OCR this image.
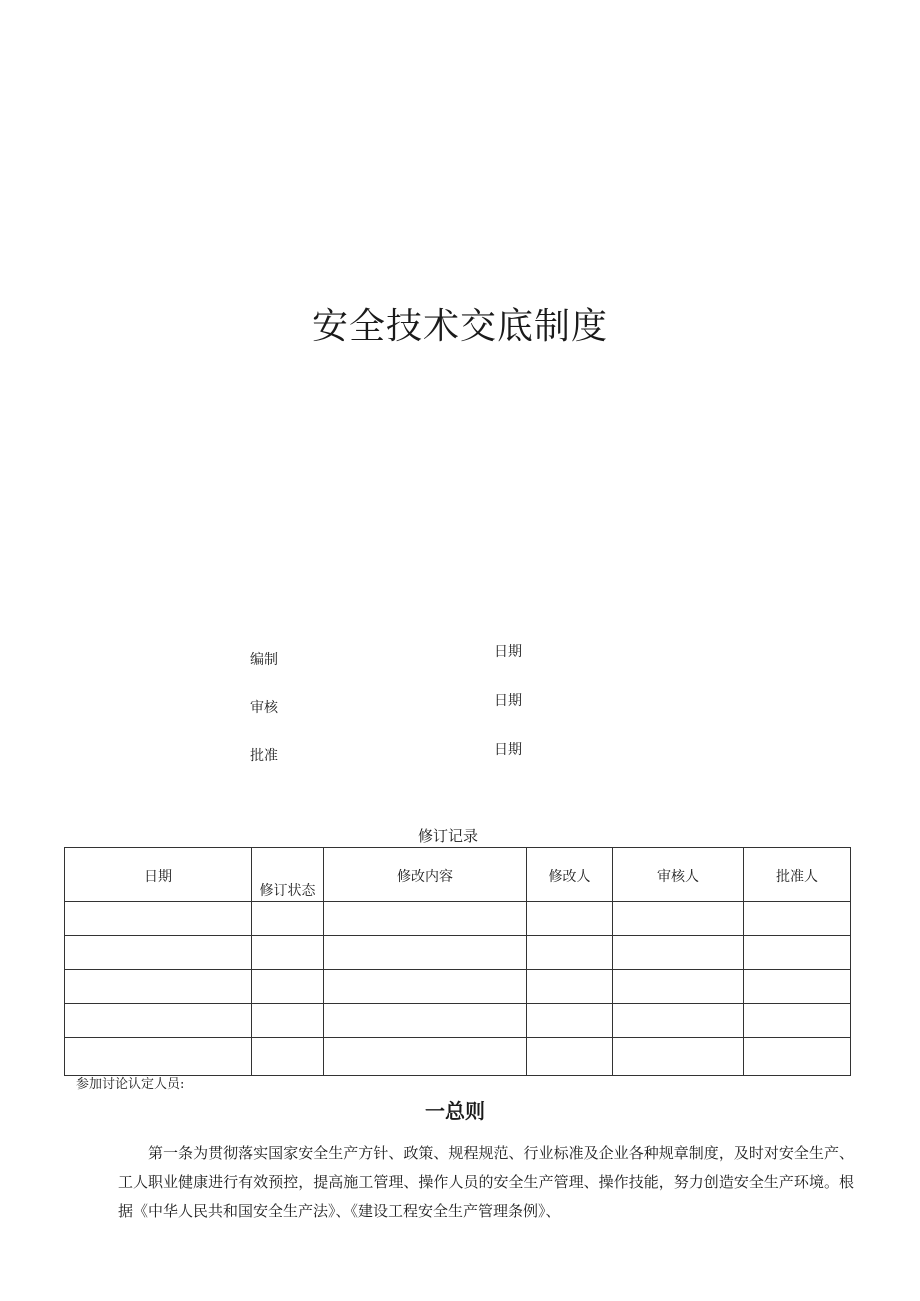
安全技术交底制度
编制	日期
审核	日期
批准	日期
修订记录
日期	修订状态	修改内容	修改人	审核人	批准人

参加讨论认定人员:
一总则

第一条为贯彻落实国家安全生产方针、政策、规程规范、行业标准及企业各种规章制度，及时对安全生产、工人职业健康进行有效预控，提高施工管理、操作人员的安全生产管理、操作技能，努力创造安全生产环境。根据《中华人民共和国安全生产法》、《建设工程安全生产管理条例》、
